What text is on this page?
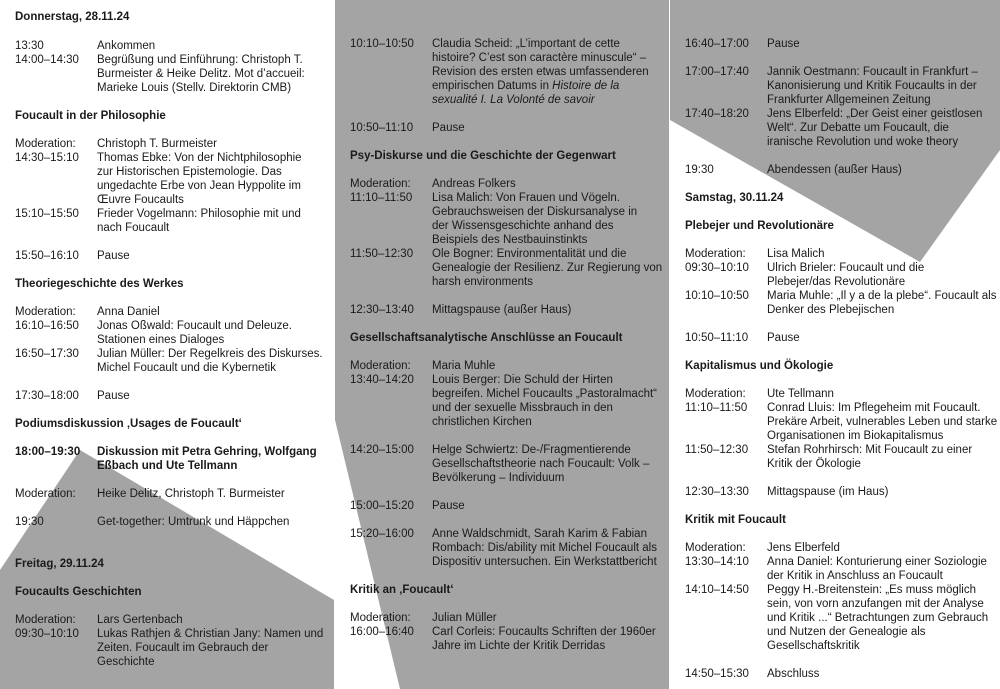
Donnerstag, 28.11.24
13:30	Ankommen
14:00–14:30	Begrüßung und Einführung: Christoph T.
Burmeister & Heike Delitz. Mot d’accueil:
Marieke Louis (Stellv. Direktorin CMB)
Foucault in der Philosophie
Moderation:	Christoph T. Burmeister
14:30–15:10	Thomas Ebke: Von der Nichtphilosophie
zur Historischen Epistemologie. Das
ungedachte Erbe von Jean Hyppolite im
Œuvre Foucaults
15:10–15:50	Frieder Vogelmann: Philosophie mit und
nach Foucault
15:50–16:10	Pause
Theoriegeschichte des Werkes
Moderation:	Anna Daniel
16:10–16:50	Jonas Oßwald: Foucault und Deleuze.
Stationen eines Dialoges
16:50–17:30	Julian Müller: Der Regelkreis des Diskurses.
Michel Foucault und die Kybernetik
17:30–18:00	Pause
Podiumsdiskussion ‚Usages de Foucault‘
18:00–19:30	Diskussion mit Petra Gehring, Wolfgang
Eßbach und Ute Tellmann
Moderation:	Heike Delitz, Christoph T. Burmeister
19:30	Get-together: Umtrunk und Häppchen
Freitag, 29.11.24
Foucaults Geschichten
Moderation:	Lars Gertenbach
09:30–10:10	Lukas Rathjen & Christian Jany: Namen und
Zeiten. Foucault im Gebrauch der
Geschichte
10:10–10:50	Claudia Scheid: „L’important de cette
histoire? C’est son caractère minuscule“ –
Revision des ersten etwas umfassenderen
empirischen Datums in Histoire de la
sexualité I. La Volonté de savoir
10:50–11:10	Pause
Psy-Diskurse und die Geschichte der Gegenwart
Moderation:	Andreas Folkers
11:10–11:50	Lisa Malich: Von Frauen und Vögeln.
Gebrauchsweisen der Diskursanalyse in
der Wissensgeschichte anhand des
Beispiels des Nestbauinstinkts
11:50–12:30	Ole Bogner: Environmentalität und die
Genealogie der Resilienz. Zur Regierung von
harsh environments
12:30–13:40	Mittagspause (außer Haus)
Gesellschaftsanalytische Anschlüsse an Foucault
Moderation:	Maria Muhle
13:40–14:20	Louis Berger: Die Schuld der Hirten
begreifen. Michel Foucaults „Pastoralmacht“
und der sexuelle Missbrauch in den
christlichen Kirchen
14:20–15:00	Helge Schwiertz: De-/Fragmentierende
Gesellschaftstheorie nach Foucault: Volk –
Bevölkerung – Individuum
15:00–15:20	Pause
15:20–16:00	Anne Waldschmidt, Sarah Karim & Fabian
Rombach: Dis/ability mit Michel Foucault als
Dispositiv untersuchen. Ein Werkstattbericht
Kritik an ‚Foucault‘
Moderation:	Julian Müller
16:00–16:40	Carl Corleis: Foucaults Schriften der 1960er
Jahre im Lichte der Kritik Derridas
16:40–17:00	Pause
17:00–17:40	Jannik Oestmann: Foucault in Frankfurt –
Kanonisierung und Kritik Foucaults in der
Frankfurter Allgemeinen Zeitung
17:40–18:20	Jens Elberfeld: „Der Geist einer geistlosen
Welt“. Zur Debatte um Foucault, die
iranische Revolution und woke theory
19:30	Abendessen (außer Haus)
Samstag, 30.11.24
Plebejer und Revolutionäre
Moderation:	Lisa Malich
09:30–10:10	Ulrich Brieler: Foucault und die
Plebejer/das Revolutionäre
10:10–10:50	Maria Muhle: „Il y a de la plebe“. Foucault als
Denker des Plebejischen
10:50–11:10	Pause
Kapitalismus und Ökologie
Moderation:	Ute Tellmann
11:10–11:50	Conrad Lluis: Im Pflegeheim mit Foucault.
Prekäre Arbeit, vulnerables Leben und starke
Organisationen im Biokapitalismus
11:50–12:30	Stefan Rohrhirsch: Mit Foucault zu einer
Kritik der Ökologie
12:30–13:30	Mittagspause (im Haus)
Kritik mit Foucault
Moderation:	Jens Elberfeld
13:30–14:10	Anna Daniel: Konturierung einer Soziologie
der Kritik in Anschluss an Foucault
14:10–14:50	Peggy H.-Breitenstein: „Es muss möglich
sein, von vorn anzufangen mit der Analyse
und Kritik ...“ Betrachtungen zum Gebrauch
und Nutzen der Genealogie als
Gesellschaftskritik
14:50–15:30	Abschluss
